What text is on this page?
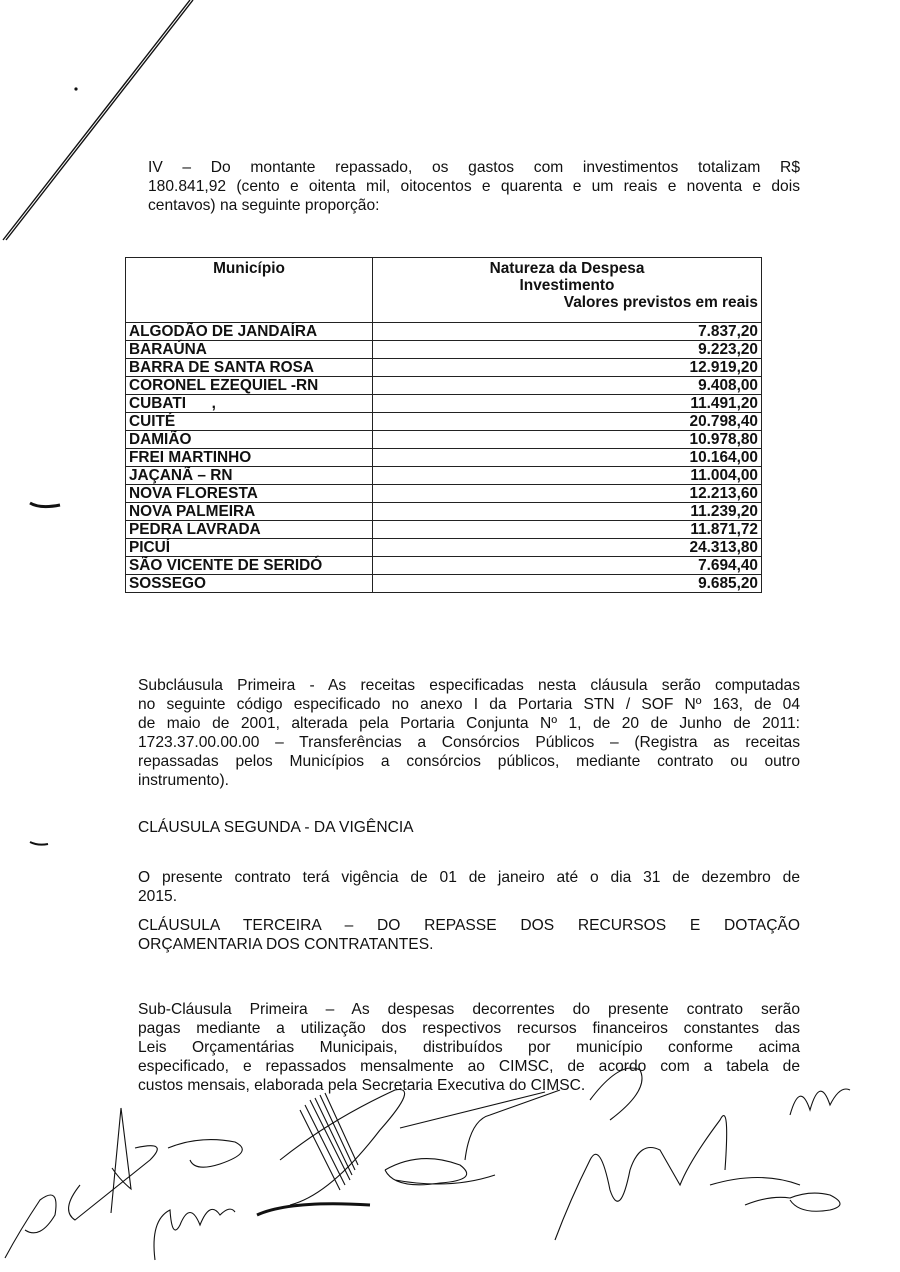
IV – Do montante repassado, os gastos com investimentos totalizam R$
180.841,92 (cento e oitenta mil, oitocentos e quarenta e um reais e noventa e dois
centavos) na seguinte proporção:
Município	Natureza da Despesa
Investimento
Valores previstos em reais

ALGODÃO DE JANDAÍRA	7.837,20
BARAÚNA	9.223,20
BARRA DE SANTA ROSA	12.919,20
CORONEL EZEQUIEL -RN	9.408,00
CUBATI      ,	11.491,20
CUITÉ	20.798,40
DAMIÃO	10.978,80
FREI MARTINHO	10.164,00
JAÇANÃ – RN	11.004,00
NOVA FLORESTA	12.213,60
NOVA PALMEIRA	11.239,20
PEDRA LAVRADA	11.871,72
PICUÍ	24.313,80
SÃO VICENTE DE SERIDÓ	7.694,40
SOSSEGO	9.685,20
Subcláusula Primeira - As receitas especificadas nesta cláusula serão computadas
no seguinte código especificado no anexo I da Portaria STN / SOF Nº 163, de 04
de maio de 2001, alterada pela Portaria Conjunta Nº 1, de 20 de Junho de 2011:
1723.37.00.00.00 – Transferências a Consórcios Públicos – (Registra as receitas
repassadas pelos Municípios a consórcios públicos, mediante contrato ou outro
instrumento).
CLÁUSULA SEGUNDA - DA VIGÊNCIA
O presente contrato terá vigência de 01 de janeiro até o dia 31 de dezembro de
2015.
CLÁUSULA TERCEIRA – DO REPASSE DOS RECURSOS E DOTAÇÃO
ORÇAMENTARIA DOS CONTRATANTES.
Sub-Cláusula Primeira – As despesas decorrentes do presente contrato serão
pagas mediante a utilização dos respectivos recursos financeiros constantes das
Leis Orçamentárias Municipais, distribuídos por município conforme acima
especificado, e repassados mensalmente ao CIMSC, de acordo com a tabela de
custos mensais, elaborada pela Secretaria Executiva do CIMSC.
